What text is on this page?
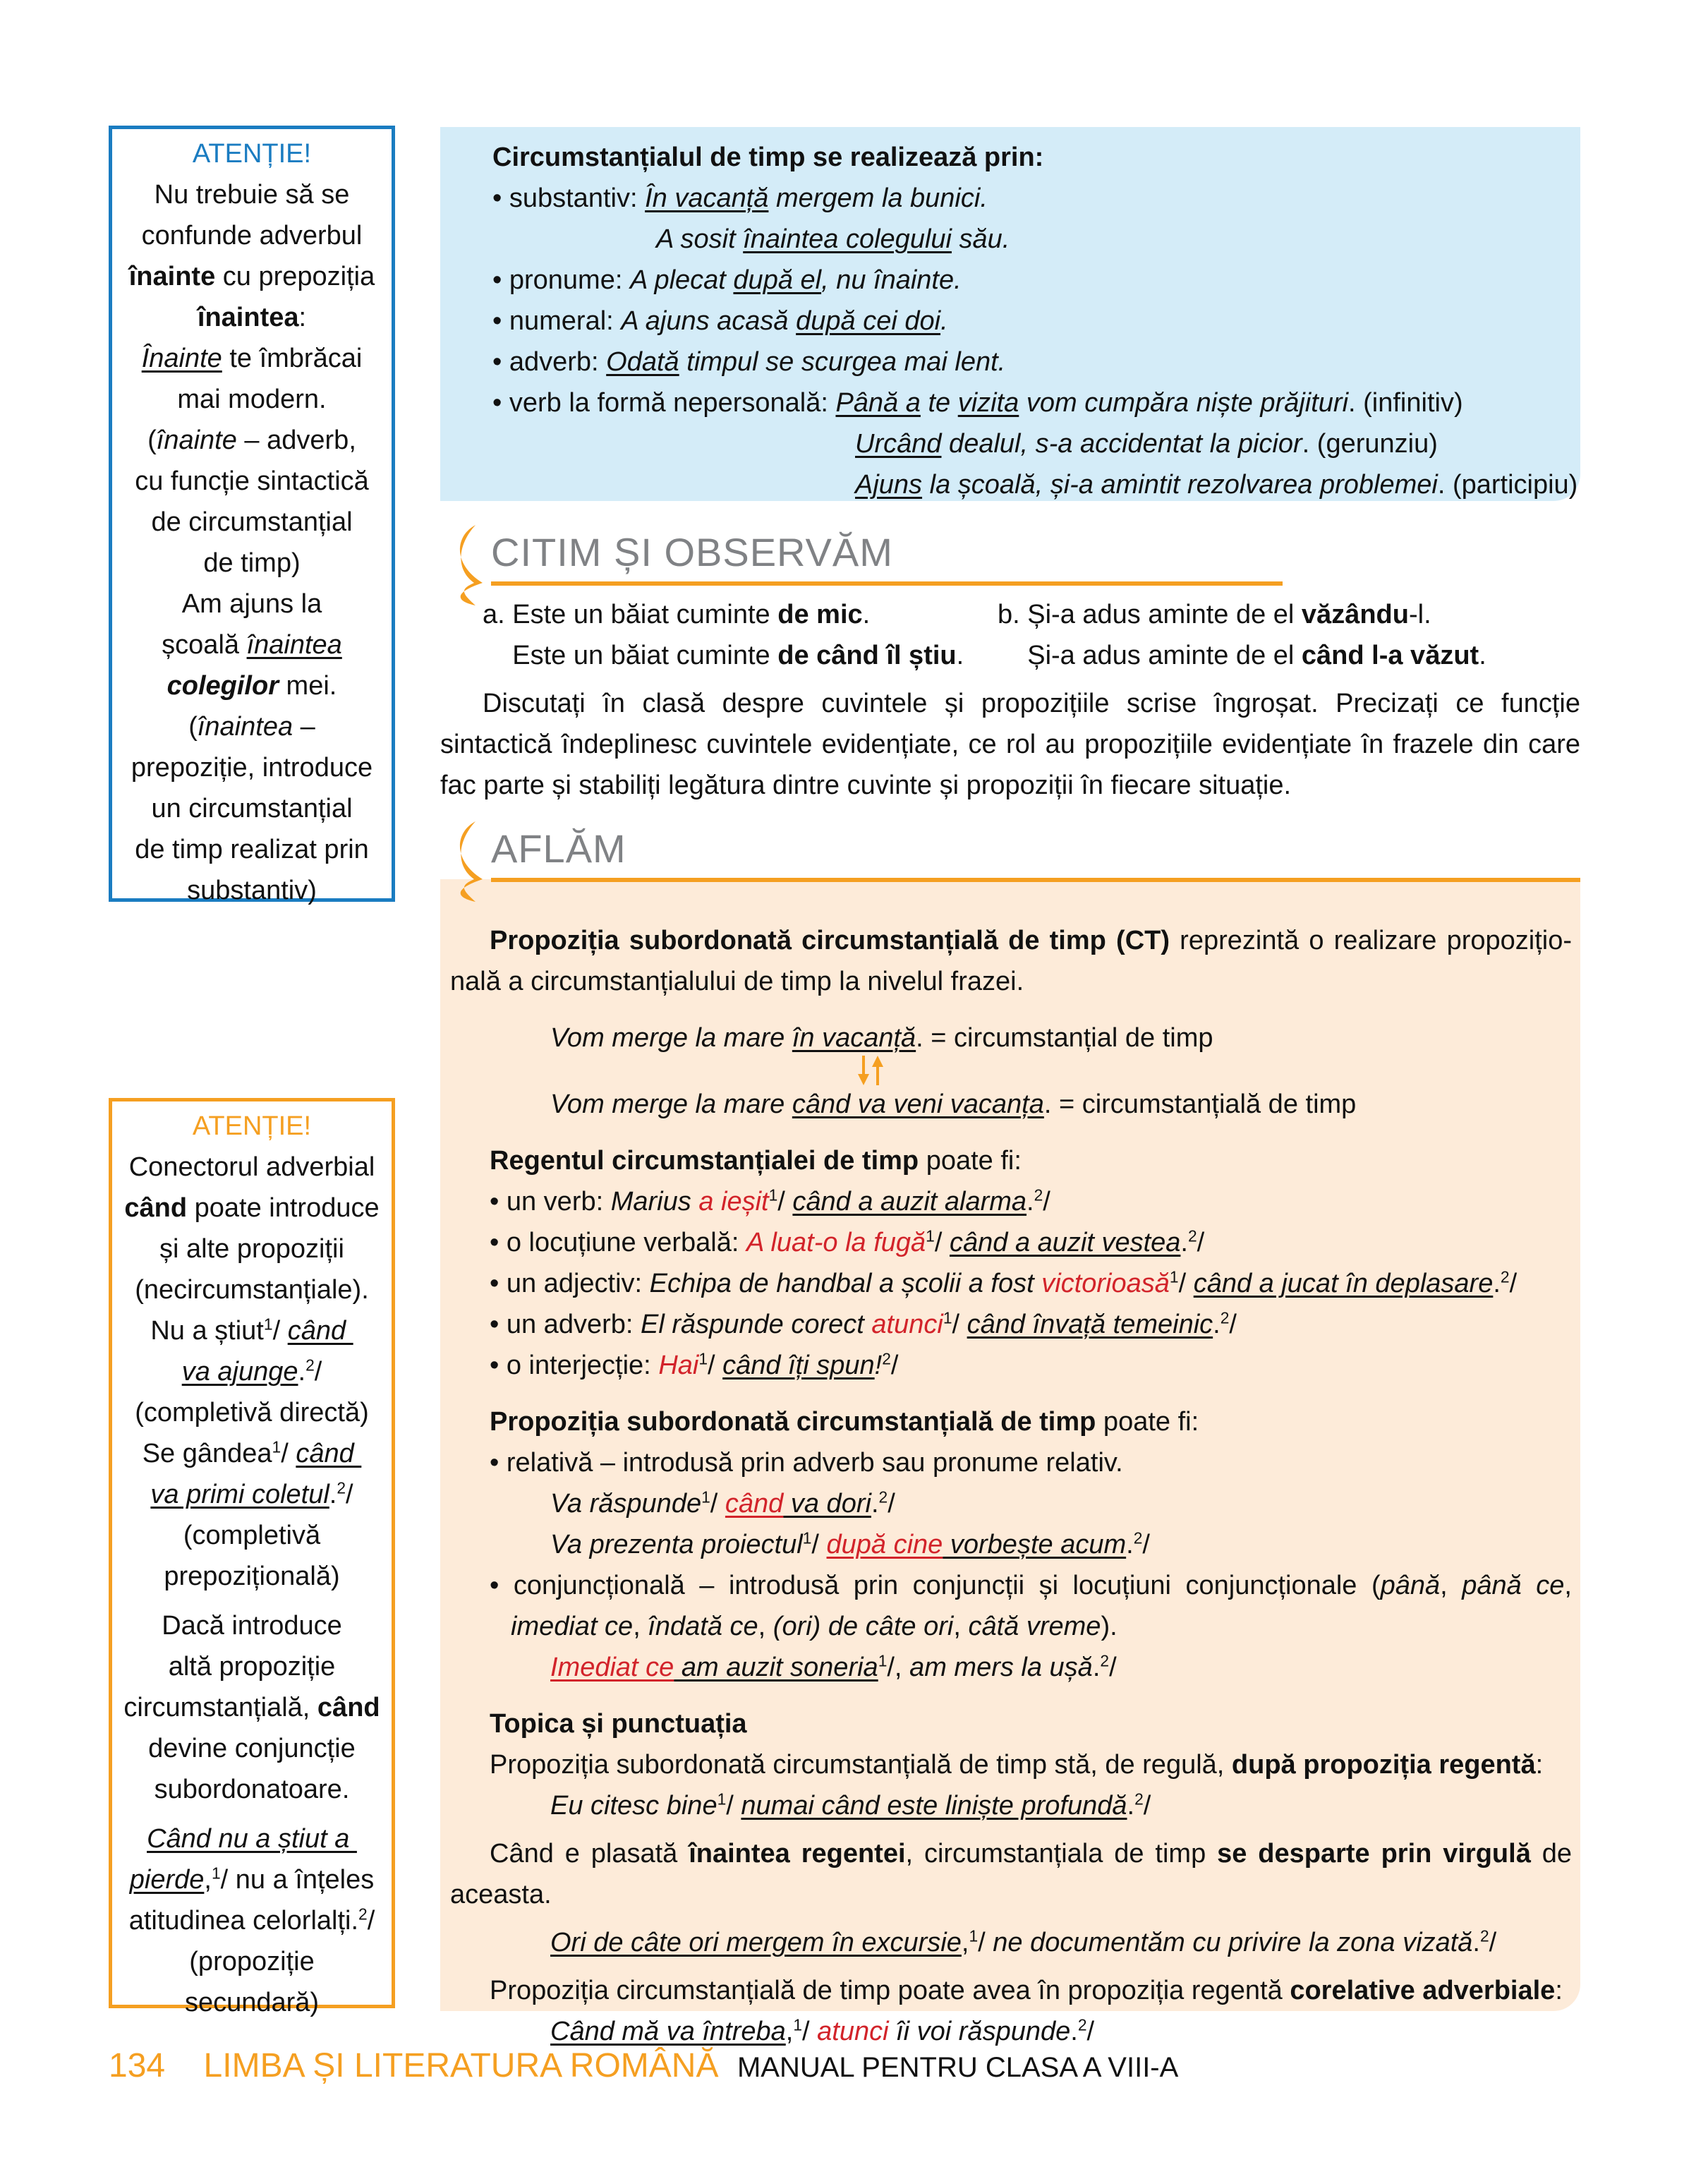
ATENȚIE!
Nu trebuie să se
confunde adverbul
înainte cu prepoziția
înaintea:
Înainte te îmbrăcai
mai modern.
(înainte – adverb,
cu funcție sintactică
de circumstanțial
de timp)
Am ajuns la
școală înaintea
colegilor mei.
(înaintea –
prepoziție, introduce
un circumstanțial
de timp realizat prin
substantiv)
ATENȚIE!
Conectorul adverbial
când poate introduce
și alte propoziții
(necircumstanțiale).
Nu a știut$^1$/ când
va ajunge.$^2$/
(completivă directă)
Se gândea$^1$/ când
va primi coletul.$^2$/
(completivă
prepozițională)
Dacă introduce
altă propoziție
circumstanțială, când
devine conjuncție
subordonatoare.
Când nu a știut a
pierde,$^1$/ nu a înțeles
atitudinea celorlalți.$^2$/
(propoziție
secundară)
Circumstanțialul de timp se realizează prin:
• substantiv: În vacanță mergem la bunici.
A sosit înaintea colegului său.
• pronume: A plecat după el, nu înainte.
• numeral: A ajuns acasă după cei doi.
• adverb: Odată timpul se scurgea mai lent.
• verb la formă nepersonală: Până a te vizita vom cumpăra niște prăjituri. (infinitiv)
Urcând dealul, s-a accidentat la picior. (gerunziu)
Ajuns la școală, și-a amintit rezolvarea problemei. (participiu)
CITIM ȘI OBSERVĂM
a. Este un băiat cuminte de mic.
Este un băiat cuminte de când îl știu.
b. Și-a adus aminte de el văzându-l.
Și-a adus aminte de el când l-a văzut.
Discutați în clasă despre cuvintele și propozițiile scrise îngroșat. Precizați ce funcție sintactică îndeplinesc cuvintele evidențiate, ce rol au propozițiile evidențiate în frazele din care fac parte și stabiliți legătura dintre cuvinte și propoziții în fiecare situație.
Propoziția subordonată circumstanțială de timp (CT) reprezintă o realizare propozițio-nală a circumstanțialului de timp la nivelul frazei.
Vom merge la mare în vacanță. = circumstanțial de timp
Vom merge la mare când va veni vacanța. = circumstanțială de timp
Regentul circumstanțialei de timp poate fi:
• un verb: Marius a ieșit$^1$/ când a auzit alarma.$^2$/
• o locuțiune verbală: A luat-o la fugă$^1$/ când a auzit vestea.$^2$/
• un adjectiv: Echipa de handbal a școlii a fost victorioasă$^1$/ când a jucat în deplasare.$^2$/
• un adverb: El răspunde corect atunci$^1$/ când învață temeinic.$^2$/
• o interjecție: Hai$^1$/ când îți spun!$^2$/
Propoziția subordonată circumstanțială de timp poate fi:
• relativă – introdusă prin adverb sau pronume relativ.
Va răspunde$^1$/ când va dori.$^2$/
Va prezenta proiectul$^1$/ după cine vorbește acum.$^2$/
• conjuncțională – introdusă prin conjuncții și locuțiuni conjuncționale (până, până ce, imediat ce, îndată ce, (ori) de câte ori, câtă vreme).
Imediat ce am auzit soneria$^1$/, am mers la ușă.$^2$/
Topica și punctuația
Propoziția subordonată circumstanțială de timp stă, de regulă, după propoziția regentă:
Eu citesc bine$^1$/ numai când este liniște profundă.$^2$/
Când e plasată înaintea regentei, circumstanțiala de timp se desparte prin virgulă de aceasta.
Ori de câte ori mergem în excursie,$^1$/ ne documentăm cu privire la zona vizată.$^2$/
Propoziția circumstanțială de timp poate avea în propoziția regentă corelative adverbiale:
Când mă va întreba,$^1$/ atunci îi voi răspunde.$^2$/
AFLĂM
134 LIMBA ȘI LITERATURA ROMÂNĂ MANUAL PENTRU CLASA A VIII-A
